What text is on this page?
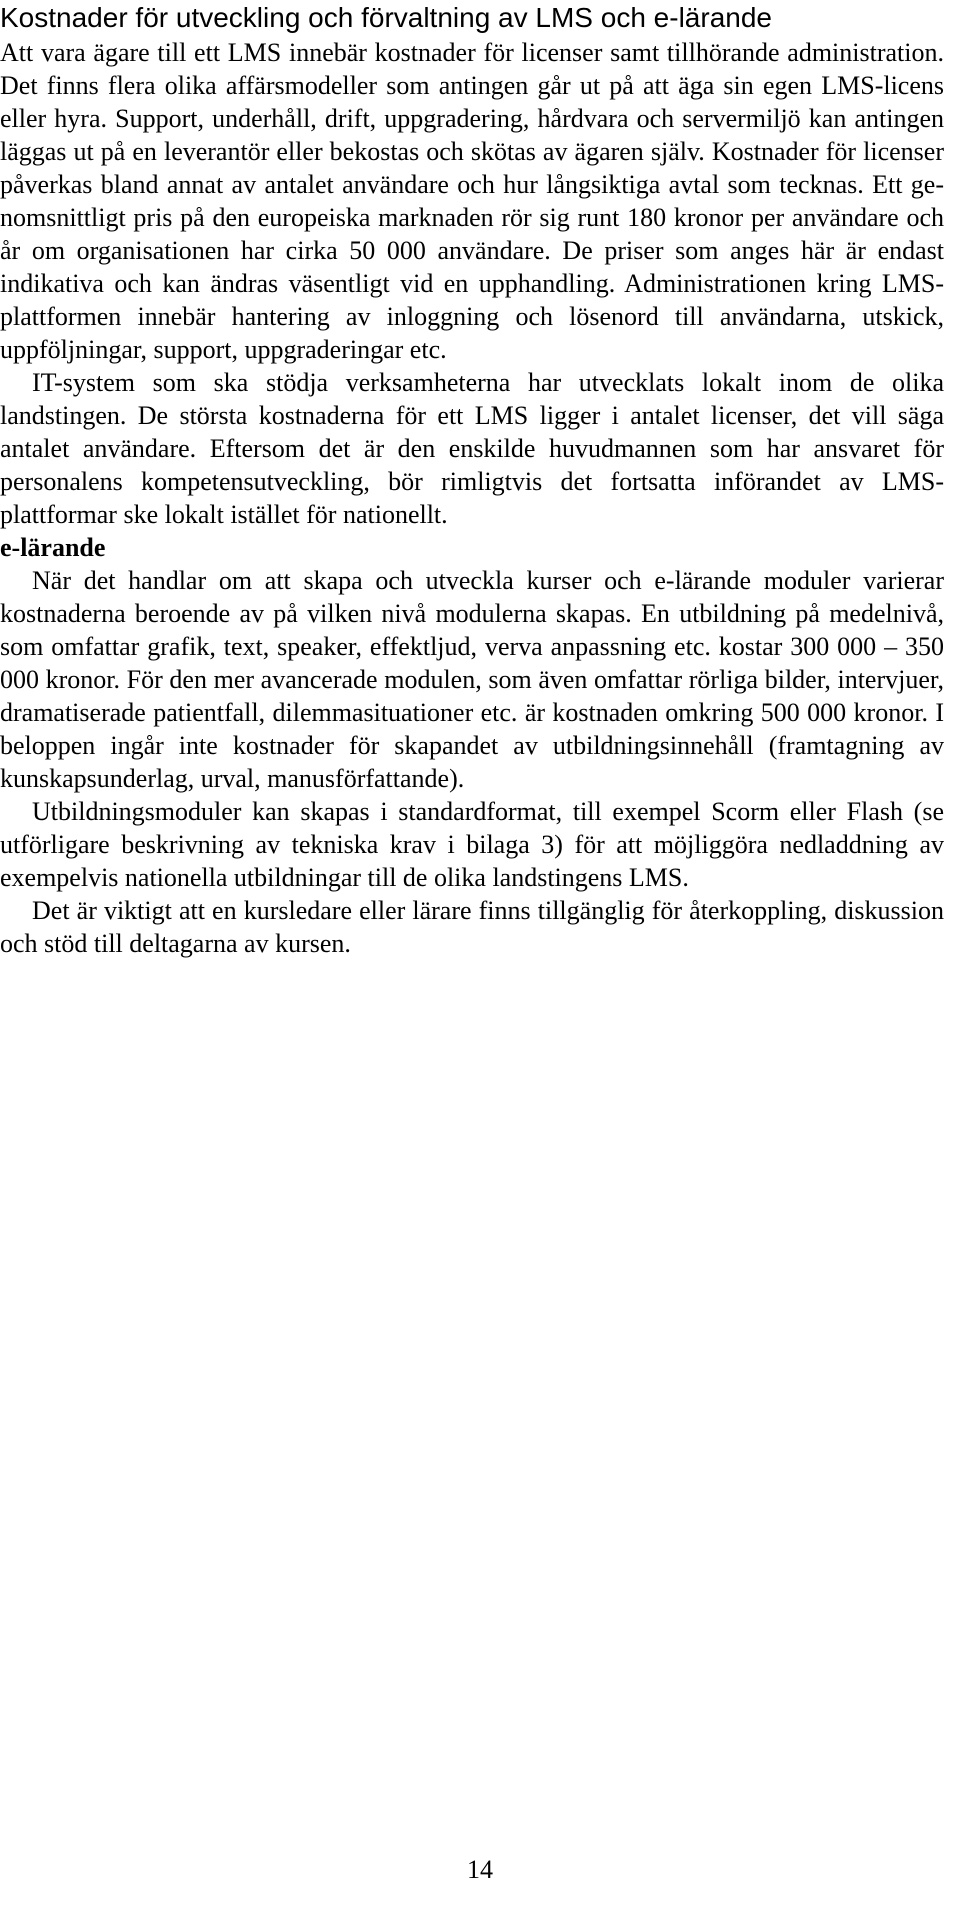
Kostnader för utveckling och förvaltning av LMS och e-lärande

Att vara ägare till ett LMS innebär kostnader för licenser samt tillhörande administration. Det finns flera olika affärsmodeller som antingen går ut på att äga sin egen LMS-licens eller hyra. Support, underhåll, drift, uppgradering, hårdvara och servermiljö kan antingen läggas ut på en leverantör eller bekostas och skötas av ägaren själv. Kostnader för licenser påverkas bland annat av antalet användare och hur långsiktiga avtal som tecknas. Ett genomsnittligt pris på den europeiska marknaden rör sig runt 180 kronor per användare och år om organisationen har cirka 50 000 användare. De priser som anges här är endast indikativa och kan ändras väsentligt vid en upphandling. Administrationen kring LMS-plattformen innebär hantering av inloggning och lösenord till användarna, utskick, uppföljningar, support, uppgraderingar etc.

IT-system som ska stödja verksamheterna har utvecklats lokalt inom de olika landstingen. De största kostnaderna för ett LMS ligger i antalet licenser, det vill säga antalet användare. Eftersom det är den enskilde huvudmannen som har ansvaret för personalens kompetensutveckling, bör rimligtvis det fortsatta införandet av LMS-plattformar ske lokalt istället för nationellt.

e-lärande

När det handlar om att skapa och utveckla kurser och e-lärande moduler varierar kostnaderna beroende av på vilken nivå modulerna skapas. En utbildning på medelnivå, som omfattar grafik, text, speaker, effektljud, verva anpassning etc. kostar 300 000 – 350 000 kronor. För den mer avancerade modulen, som även omfattar rörliga bilder, intervjuer, dramatiserade patientfall, dilemmasituationer etc. är kostnaden omkring 500 000 kronor. I beloppen ingår inte kostnader för skapandet av utbildningsinnehåll (framtagning av kunskapsunderlag, urval, manusförfattande).

Utbildningsmoduler kan skapas i standardformat, till exempel Scorm eller Flash (se utförligare beskrivning av tekniska krav i bilaga 3) för att möjliggöra nedladdning av exempelvis nationella utbildningar till de olika landstingens LMS.

Det är viktigt att en kursledare eller lärare finns tillgänglig för återkoppling, diskussion och stöd till deltagarna av kursen.

14
